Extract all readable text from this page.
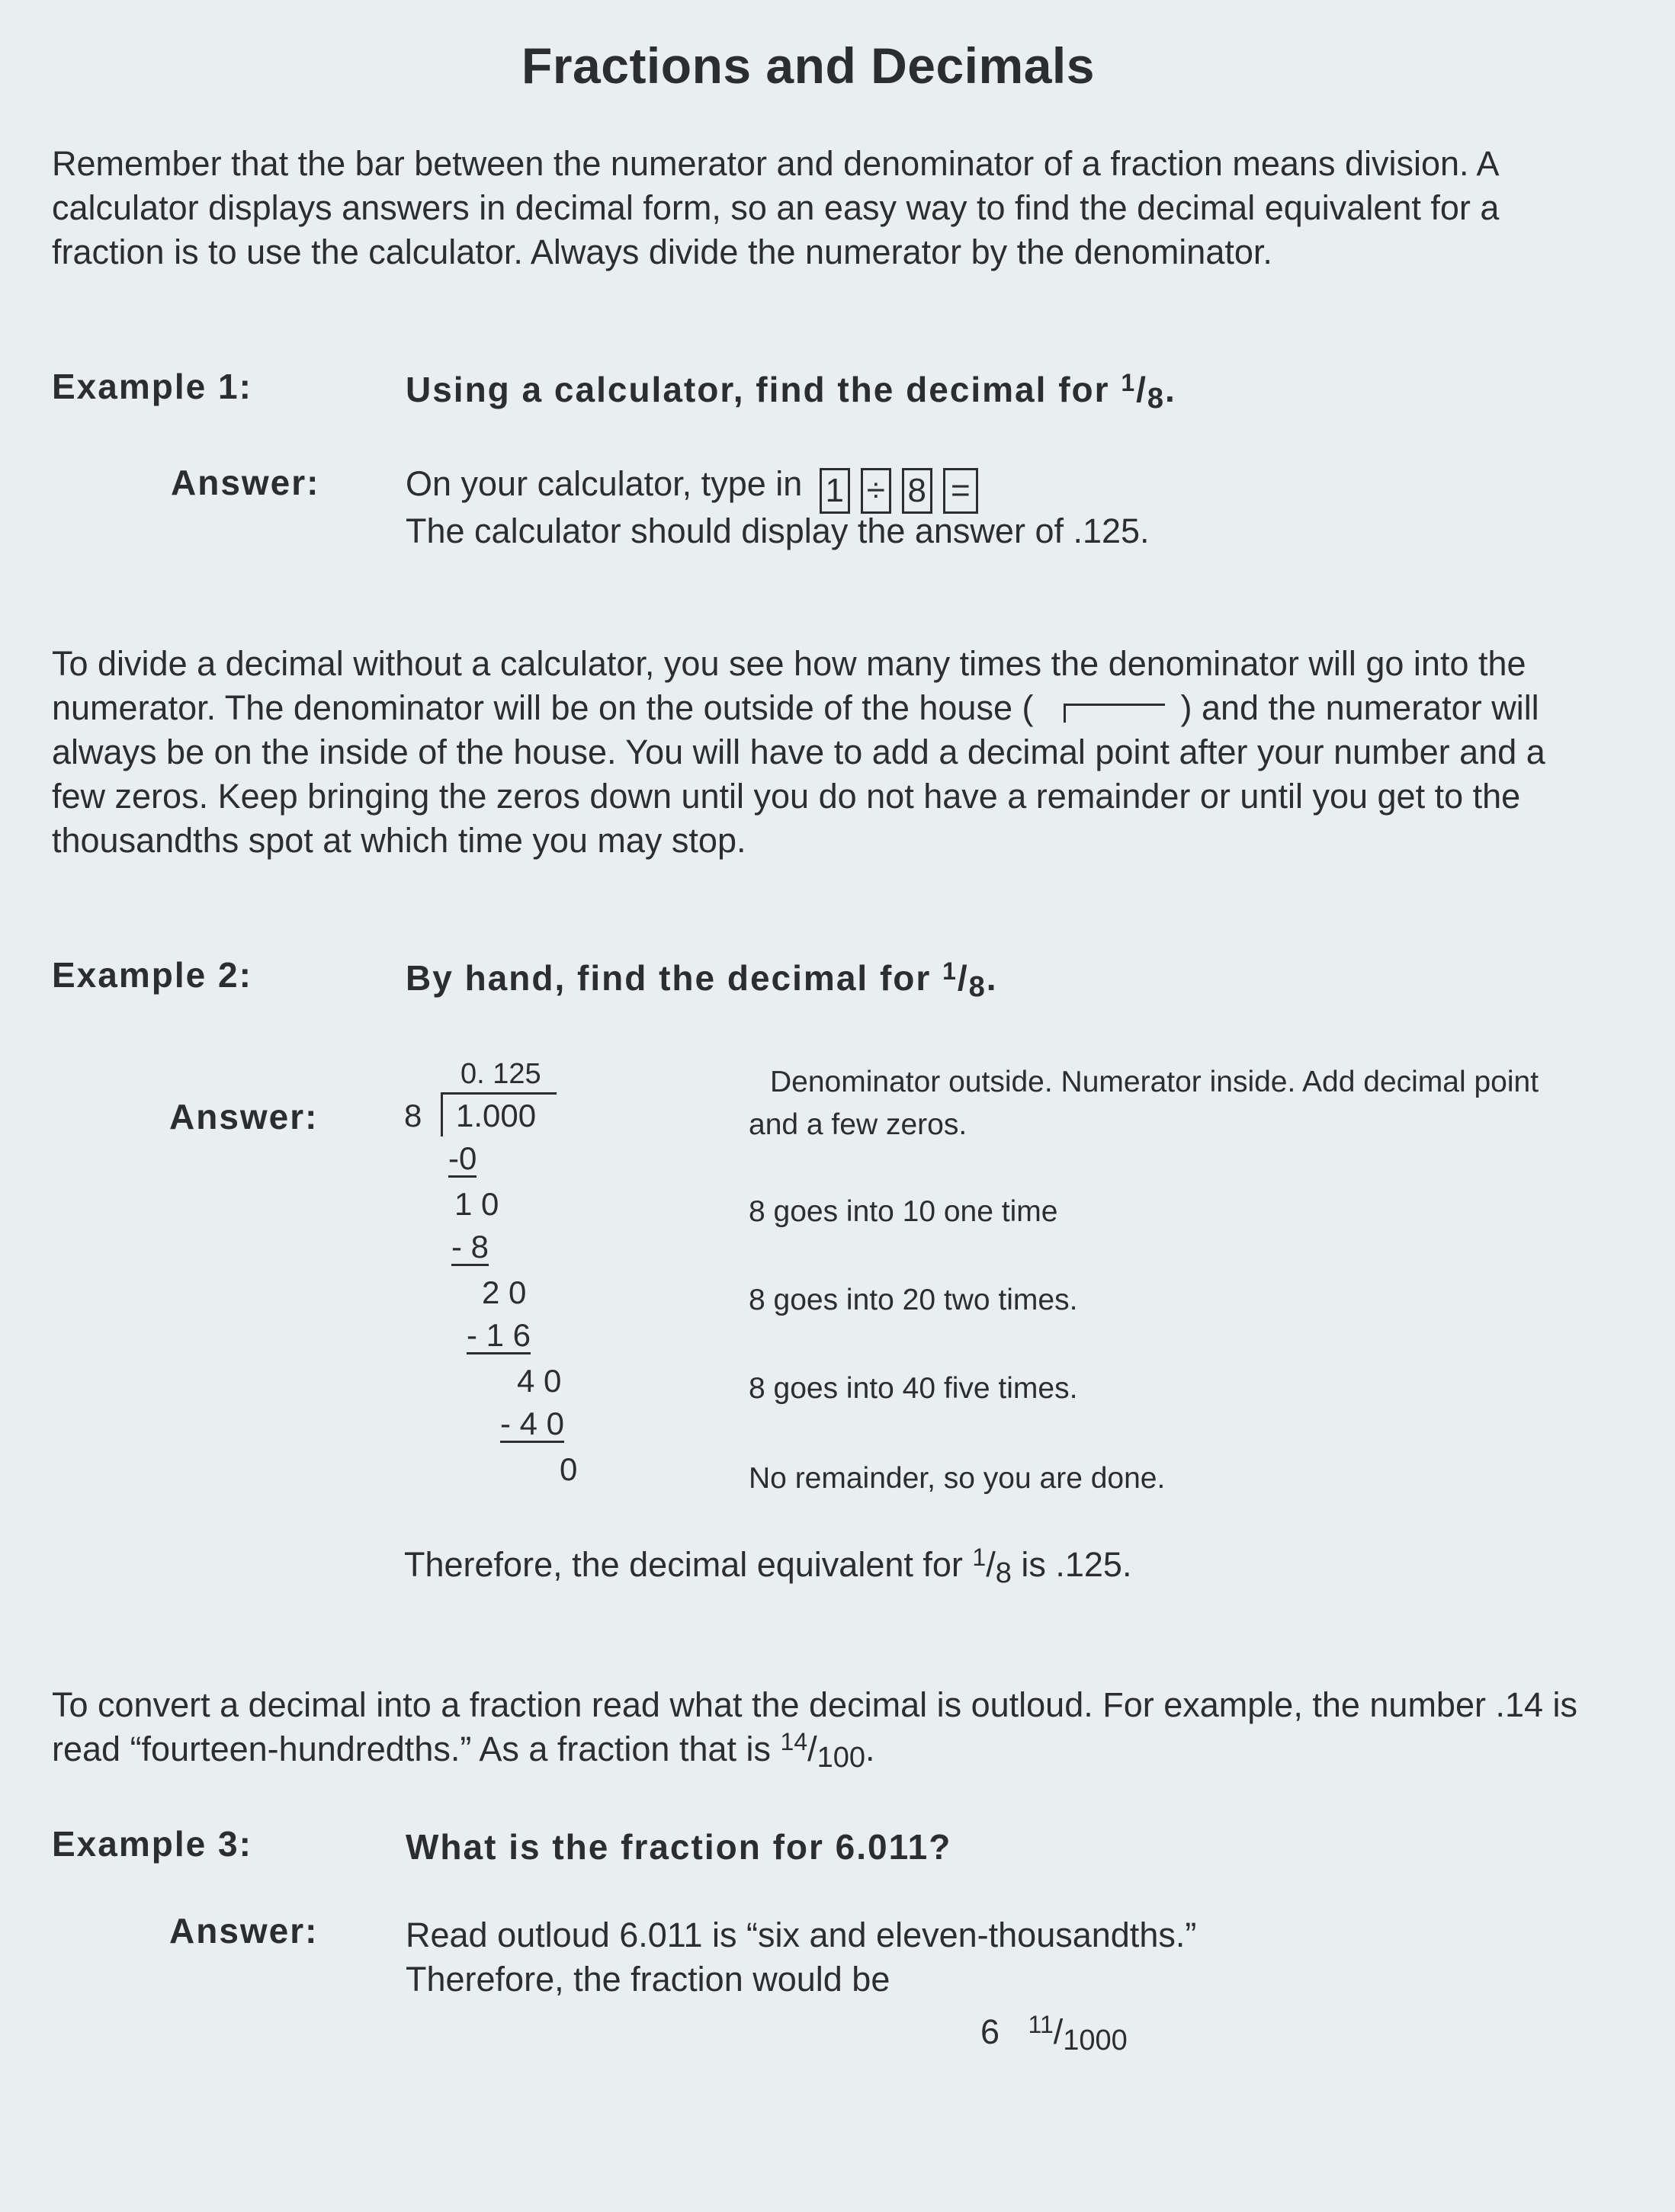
Fractions and Decimals
Remember that the bar between the numerator and denominator of a fraction means division. A calculator displays answers in decimal form, so an easy way to find the decimal equivalent for a fraction is to use the calculator. Always divide the numerator by the denominator.
Example 1:	Using a calculator, find the decimal for $^1/_8$.
Answer:	On your calculator, type in 1 ÷ 8 =
The calculator should display the answer of .125.
To divide a decimal without a calculator, you see how many times the denominator will go into the numerator. The denominator will be on the outside of the house (	) and the numerator will always be on the inside of the house. You will have to add a decimal point after your number and a few zeros. Keep bringing the zeros down until you do not have a remainder or until you get to the thousandths spot at which time you may stop.
Example 2:	By hand, find the decimal for $^1/_8$.
Answer:
0. 125
8 1.000
-0
1 0
- 8
2 0
- 1 6
4 0
- 4 0
0
Denominator outside. Numerator inside. Add decimal point and a few zeros.
8 goes into 10 one time
8 goes into 20 two times.
8 goes into 40 five times.
No remainder, so you are done.
Therefore, the decimal equivalent for $^1/_8$ is .125.
To convert a decimal into a fraction read what the decimal is outloud. For example, the number .14 is read “fourteen-hundredths.” As a fraction that is $^{14}/_{100}$.
Example 3:	What is the fraction for 6.011?
Answer:	Read outloud 6.011 is “six and eleven-thousandths.”
Therefore, the fraction would be
6 $^{11}/_{1000}$
